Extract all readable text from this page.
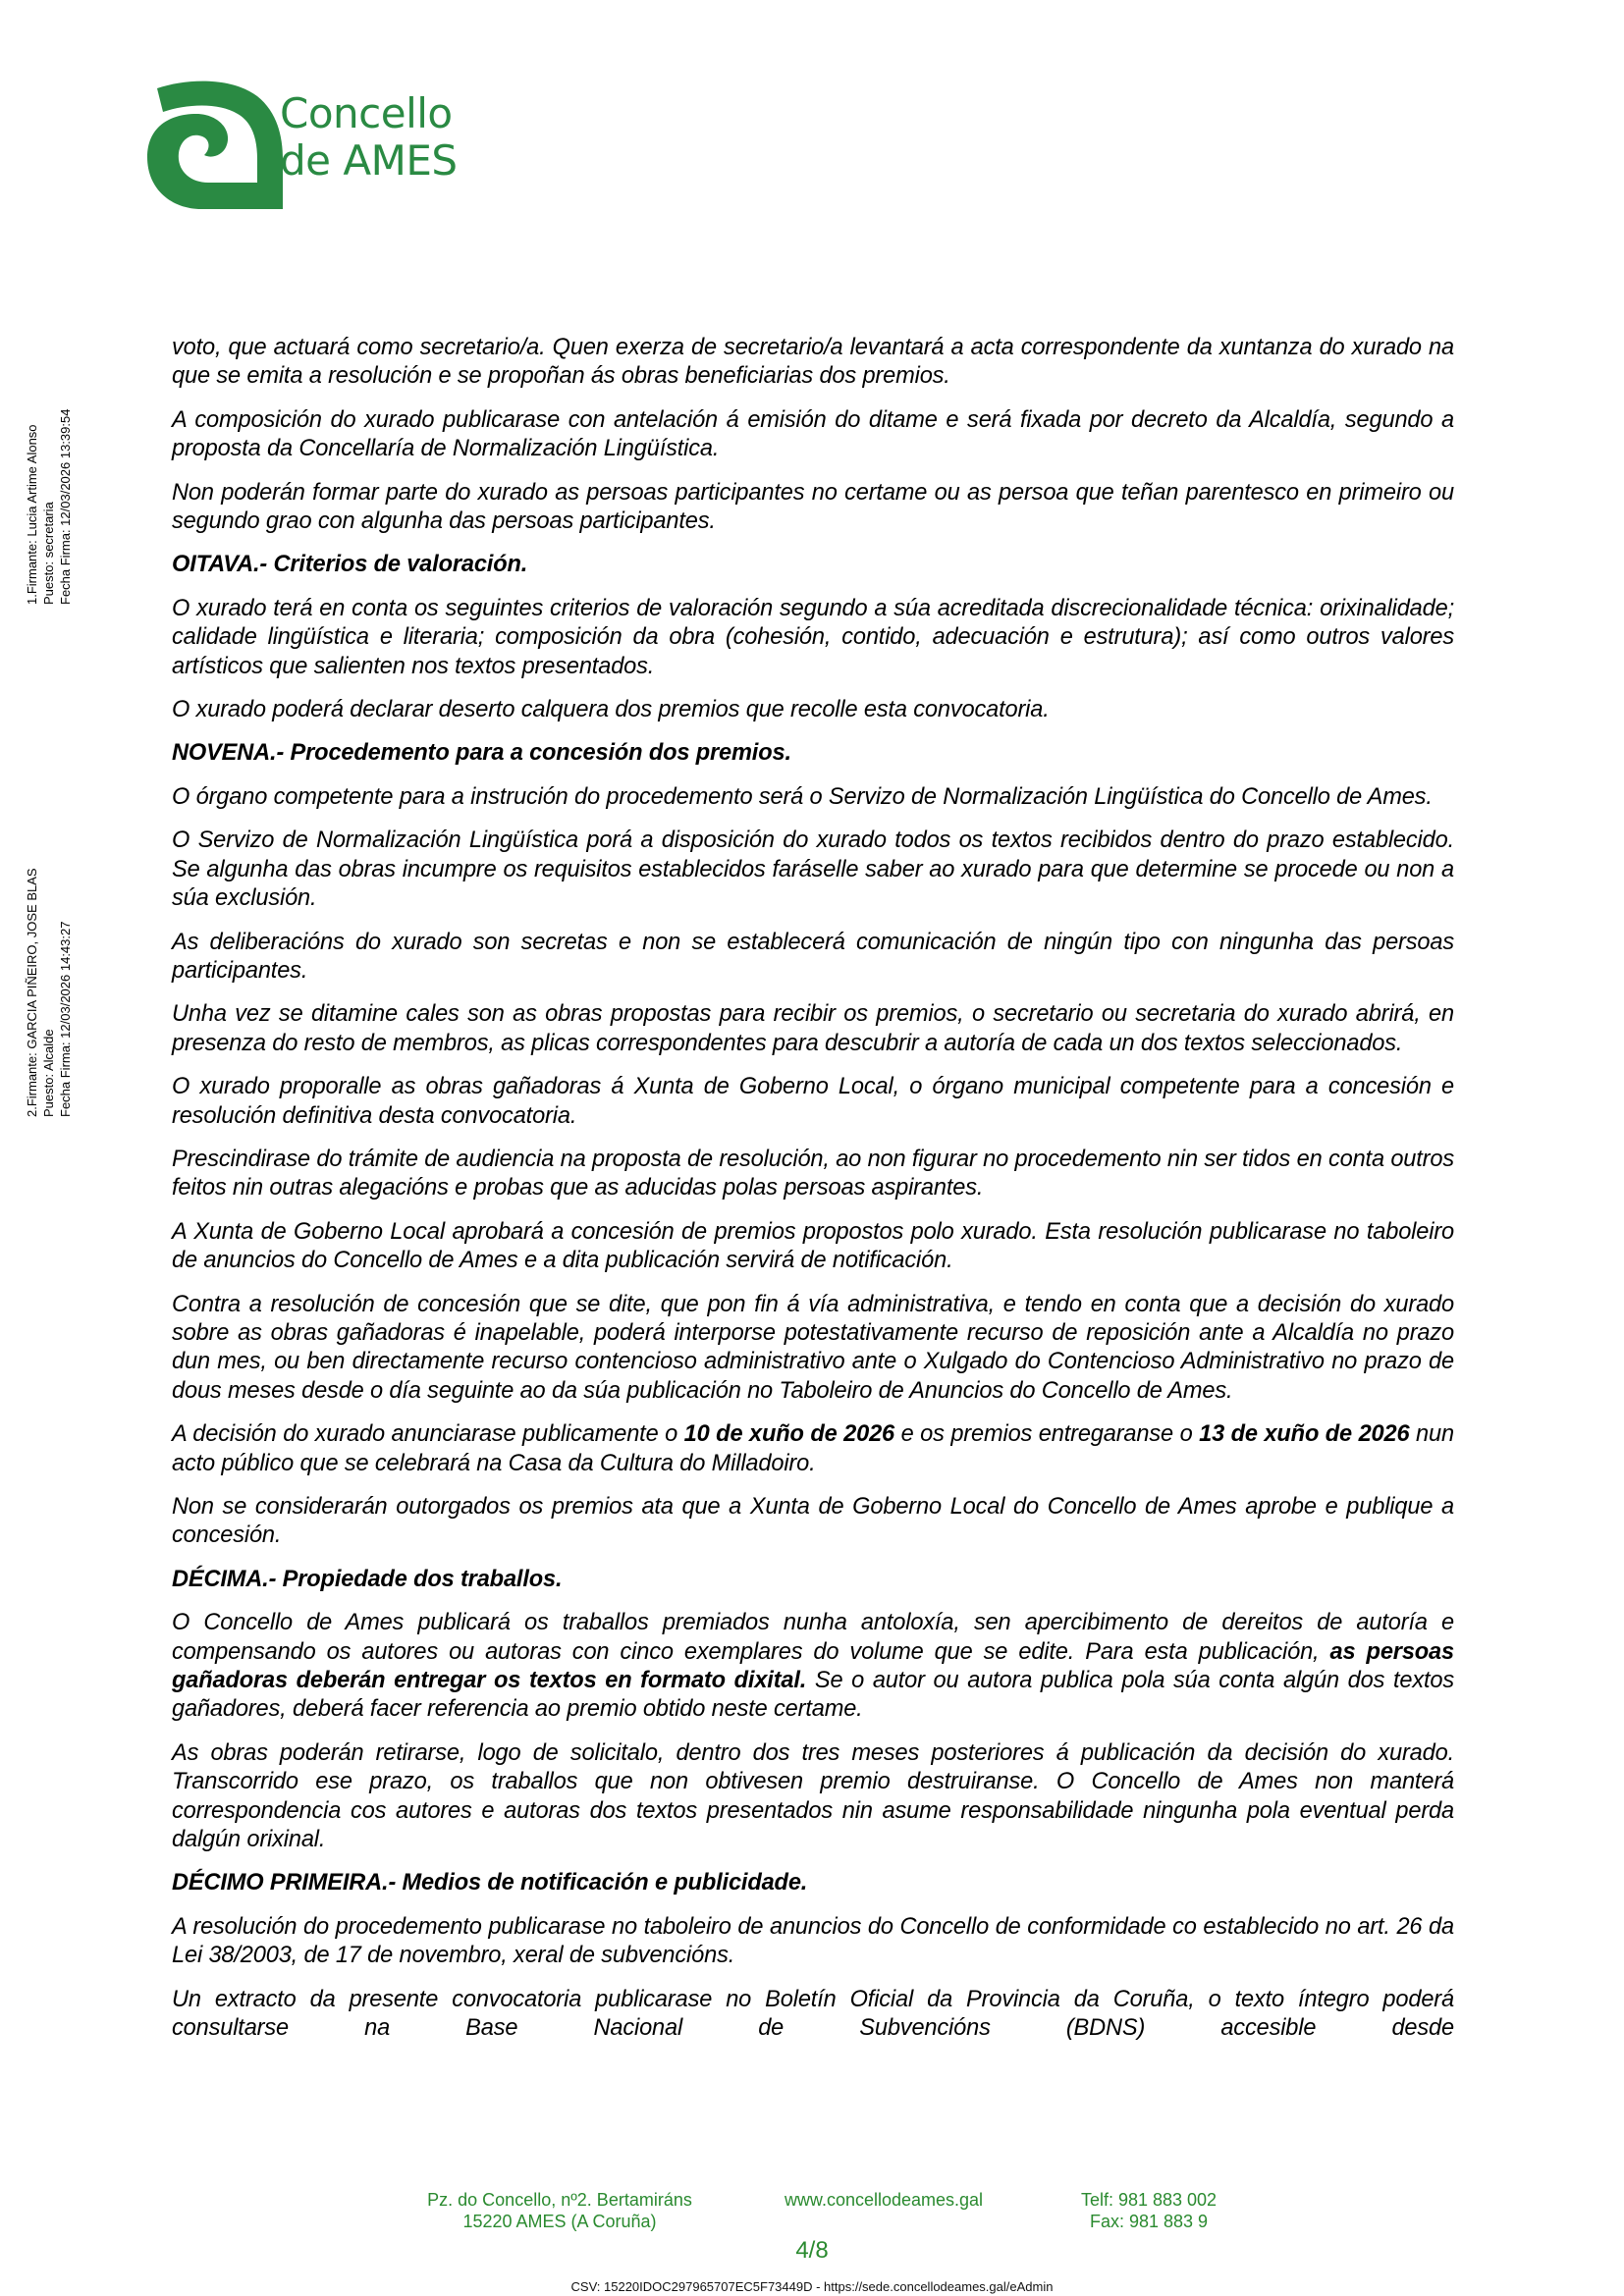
Concello
de AMES
1.Firmante: Lucia Artime Alonso Puesto: secretaria Fecha Firma: 12/03/2026 13:39:54
2.Firmante: GARCIA PIÑEIRO, JOSE BLAS Puesto: Alcalde Fecha Firma: 12/03/2026 14:43:27

voto, que actuará como secretario/a. Quen exerza de secretario/a levantará a acta correspondente da xuntanza do xurado na que se emita a resolución e se propoñan ás obras beneficiarias dos premios.

A composición do xurado publicarase con antelación á emisión do ditame e será fixada por decreto da Alcaldía, segundo a proposta da Concellaría de Normalización Lingüística.

Non poderán formar parte do xurado as persoas participantes no certame ou as persoa que teñan parentesco en primeiro ou segundo grao con algunha das persoas participantes.

OITAVA.- Criterios de valoración.

O xurado terá en conta os seguintes criterios de valoración segundo a súa acreditada discrecionalidade técnica: orixinalidade; calidade lingüística e literaria; composición da obra (cohesión, contido, adecuación e estrutura); así como outros valores artísticos que salienten nos textos presentados.

O xurado poderá declarar deserto calquera dos premios que recolle esta convocatoria.

NOVENA.- Procedemento para a concesión dos premios.

O órgano competente para a instrución do procedemento será o Servizo de Normalización Lingüística do Concello de Ames.

O Servizo de Normalización Lingüística porá a disposición do xurado todos os textos recibidos dentro do prazo establecido. Se algunha das obras incumpre os requisitos establecidos faráselle saber ao xurado para que determine se procede ou non a súa exclusión.

As deliberacións do xurado son secretas e non se establecerá comunicación de ningún tipo con ningunha das persoas participantes.

Unha vez se ditamine cales son as obras propostas para recibir os premios, o secretario ou secretaria do xurado abrirá, en presenza do resto de membros, as plicas correspondentes para descubrir a autoría de cada un dos textos seleccionados.

O xurado proporalle as obras gañadoras á Xunta de Goberno Local, o órgano municipal competente para a concesión e resolución definitiva desta convocatoria.

Prescindirase do trámite de audiencia na proposta de resolución, ao non figurar no procedemento nin ser tidos en conta outros feitos nin outras alegacións e probas que as aducidas polas persoas aspirantes.

A Xunta de Goberno Local aprobará a concesión de premios propostos polo xurado. Esta resolución publicarase no taboleiro de anuncios do Concello de Ames e a dita publicación servirá de notificación.

Contra a resolución de concesión que se dite, que pon fin á vía administrativa, e tendo en conta que a decisión do xurado sobre as obras gañadoras é inapelable, poderá interporse potestativamente recurso de reposición ante a Alcaldía no prazo dun mes, ou ben directamente recurso contencioso administrativo ante o Xulgado do Contencioso Administrativo no prazo de dous meses desde o día seguinte ao da súa publicación no Taboleiro de Anuncios do Concello de Ames.

A decisión do xurado anunciarase publicamente o 10 de xuño de 2026 e os premios entregaranse o 13 de xuño de 2026 nun acto público que se celebrará na Casa da Cultura do Milladoiro.

Non se considerarán outorgados os premios ata que a Xunta de Goberno Local do Concello de Ames aprobe e publique a concesión.

DÉCIMA.- Propiedade dos traballos.

O Concello de Ames publicará os traballos premiados nunha antoloxía, sen apercibimento de dereitos de autoría e compensando os autores ou autoras con cinco exemplares do volume que se edite. Para esta publicación, as persoas gañadoras deberán entregar os textos en formato dixital. Se o autor ou autora publica pola súa conta algún dos textos gañadores, deberá facer referencia ao premio obtido neste certame.

As obras poderán retirarse, logo de solicitalo, dentro dos tres meses posteriores á publicación da decisión do xurado. Transcorrido ese prazo, os traballos que non obtivesen premio destruiranse. O Concello de Ames non manterá correspondencia cos autores e autoras dos textos presentados nin asume responsabilidade ningunha pola eventual perda dalgún orixinal.

DÉCIMO PRIMEIRA.- Medios de notificación e publicidade.

A resolución do procedemento publicarase no taboleiro de anuncios do Concello de conformidade co establecido no art. 26 da Lei 38/2003, de 17 de novembro, xeral de subvencións.

Un extracto da presente convocatoria publicarase no Boletín Oficial da Provincia da Coruña, o texto íntegro poderá consultarse na Base Nacional de Subvencións (BDNS) accesible desde

Pz. do Concello, nº2. Bertamiráns
15220 AMES (A Coruña)
www.concellodeames.gal	Telf: 981 883 002
Fax: 981 883 9
4/8
CSV: 15220IDOC297965707EC5F73449D - https://sede.concellodeames.gal/eAdmin
